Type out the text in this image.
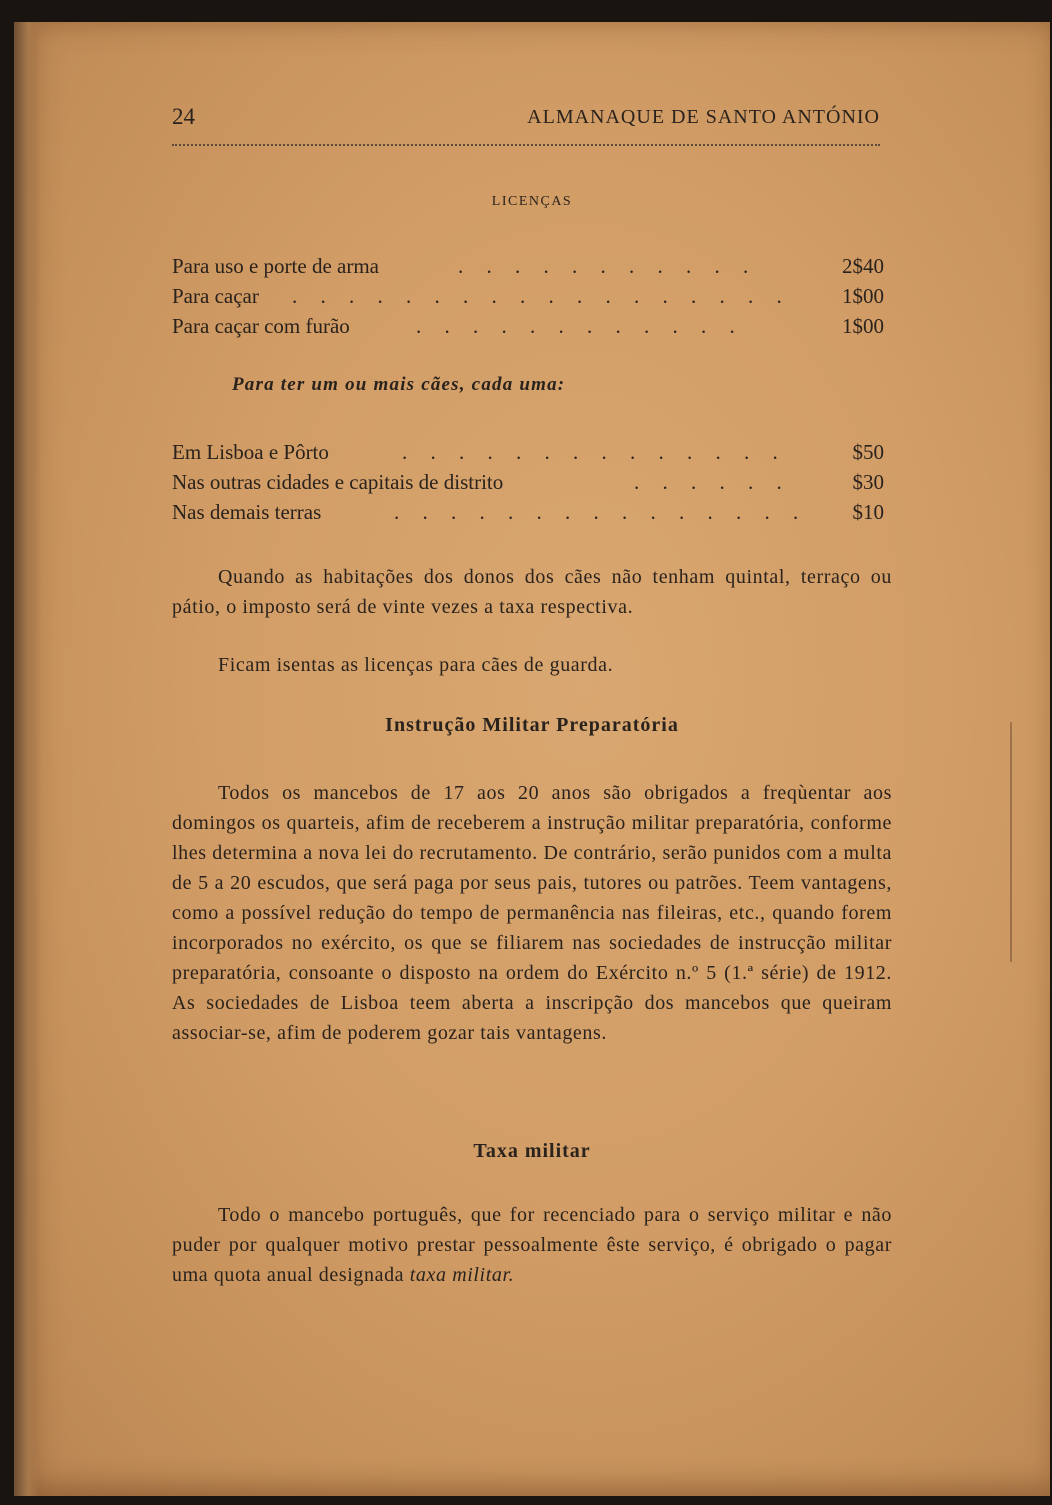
24	ALMANAQUE DE SANTO ANTÓNIO
LICENÇAS
Para uso e porte de arma	. . . . . . . . . . .	2$40
Para caçar . . . . . . . . . . . . . . . . . . 1$00
Para caçar com furão	. . . . . . . . . . . .	1$00
Para ter um ou mais cães, cada uma:
Em Lisboa e Pôrto	. . . . . . . . . . . . . .	$50
Nas outras cidades e capitais de distrito	. . . . . .	$30
Nas demais terras	. . . . . . . . . . . . . . . $10
Quando as habitações dos donos dos cães não tenham quintal, terraço ou pátio, o imposto será de vinte vezes a taxa respectiva.
Ficam isentas as licenças para cães de guarda.
Instrução Militar Preparatória
Todos os mancebos de 17 aos 20 anos são obrigados a freqùentar aos domingos os quarteis, afim de receberem a instrução militar preparatória, conforme lhes determina a nova lei do recrutamento. De contrário, serão punidos com a multa de 5 a 20 escudos, que será paga por seus pais, tutores ou patrões. Teem vantagens, como a possível redução do tempo de permanência nas fileiras, etc., quando forem incorporados no exército, os que se filiarem nas sociedades de instrucção militar preparatória, consoante o disposto na ordem do Exército n.º 5 (1.ª série) de 1912. As sociedades de Lisboa teem aberta a inscripção dos mancebos que queiram associar-se, afim de poderem gozar tais vantagens.
Taxa militar
Todo o mancebo português, que for recenciado para o serviço militar e não puder por qualquer motivo prestar pessoalmente êste serviço, é obrigado o pagar uma quota anual designada taxa militar.
